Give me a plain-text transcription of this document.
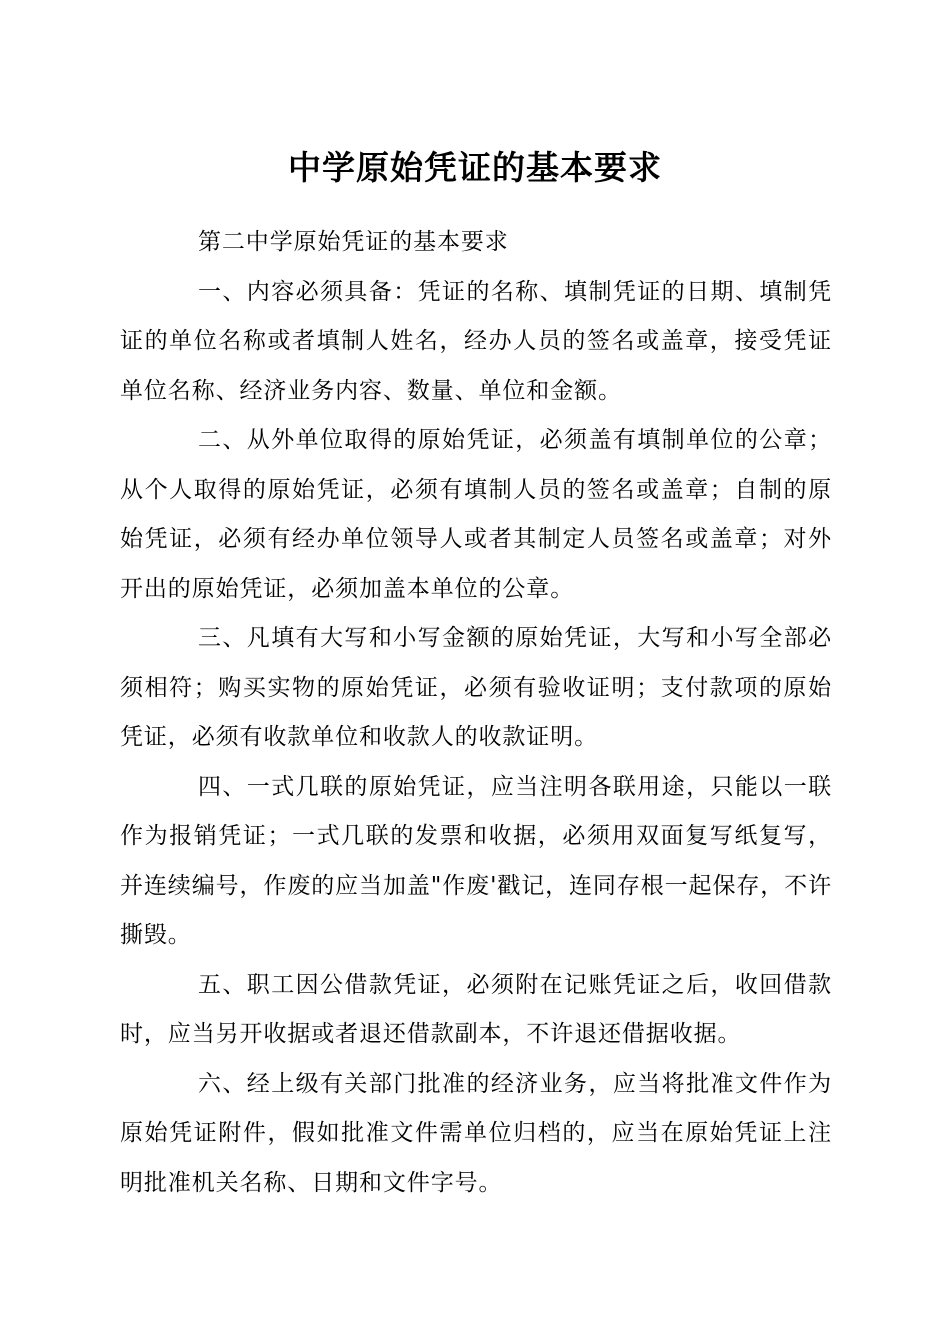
中学原始凭证的基本要求

第二中学原始凭证的基本要求

一、内容必须具备：凭证的名称、填制凭证的日期、填制凭证的单位名称或者填制人姓名，经办人员的签名或盖章，接受凭证单位名称、经济业务内容、数量、单位和金额。

二、从外单位取得的原始凭证，必须盖有填制单位的公章；从个人取得的原始凭证，必须有填制人员的签名或盖章；自制的原始凭证，必须有经办单位领导人或者其制定人员签名或盖章；对外开出的原始凭证，必须加盖本单位的公章。

三、凡填有大写和小写金额的原始凭证，大写和小写全部必须相符；购买实物的原始凭证，必须有验收证明；支付款项的原始凭证，必须有收款单位和收款人的收款证明。

四、一式几联的原始凭证，应当注明各联用途，只能以一联作为报销凭证；一式几联的发票和收据，必须用双面复写纸复写，并连续编号，作废的应当加盖"作废'戳记，连同存根一起保存，不许撕毁。

五、职工因公借款凭证，必须附在记账凭证之后，收回借款时，应当另开收据或者退还借款副本，不许退还借据收据。

六、经上级有关部门批准的经济业务，应当将批准文件作为原始凭证附件，假如批准文件需单位归档的，应当在原始凭证上注明批准机关名称、日期和文件字号。
